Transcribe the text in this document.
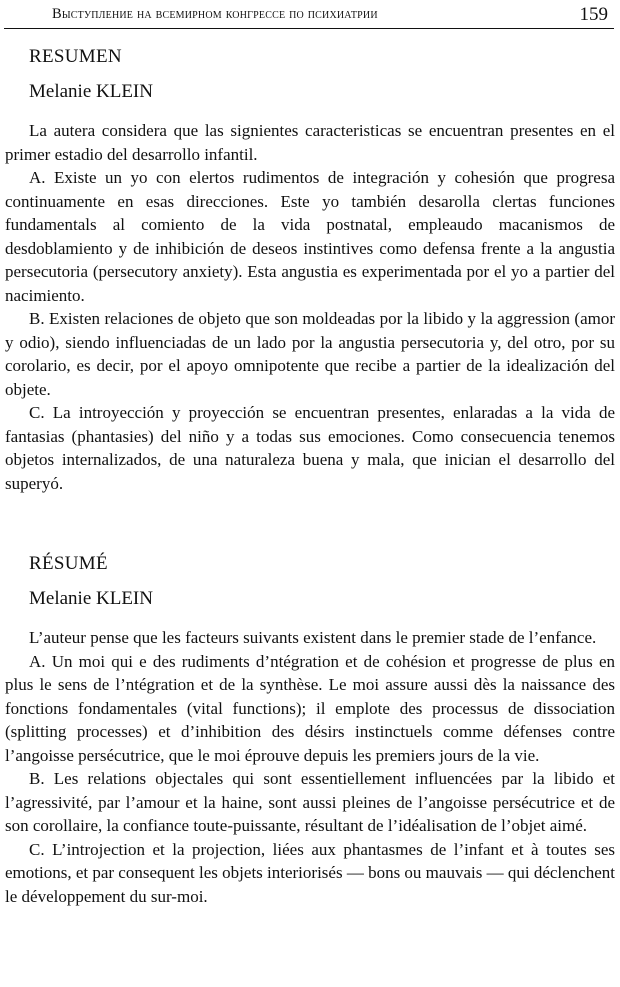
Выступление на всемирном конгрессе по психиатрии	159
RESUMEN
Melanie KLEIN

La autera considera que las signientes caracteristicas se encuentran presentes en el primer estadio del desarrollo infantil.

A. Existe un yo con elertos rudimentos de integración y cohesión que progresa continuamente en esas direcciones. Este yo también desarolla clertas funciones fundamentals al comiento de la vida postnatal, empleaudo macanismos de desdoblamiento y de inhibición de deseos instintives como defensa frente a la angustia persecutoria (persecutory anxiety). Esta angustia es experimentada por el yo a partier del nacimiento.

B. Existen relaciones de objeto que son moldeadas por la libido y la aggression (amor y odio), siendo influenciadas de un lado por la angustia persecutoria y, del otro, por su corolario, es decir, por el apoyo omnipotente que recibe a partier de la idealización del objete.

C. La introyección y proyección se encuentran presentes, enlaradas a la vida de fantasias (phantasies) del niño y a todas sus emociones. Como consecuencia tenemos objetos internalizados, de una naturaleza buena y mala, que inician el desarrollo del superyó.

RÉSUMÉ
Melanie KLEIN

L’auteur pense que les facteurs suivants existent dans le premier stade de l’enfance.

A. Un moi qui e des rudiments d’ntégration et de cohésion et progresse de plus en plus le sens de l’ntégration et de la synthèse. Le moi assure aussi dès la naissance des fonctions fondamentales (vital functions); il emplote des processus de dissociation (splitting processes) et d’inhibition des désirs instinctuels comme défenses contre l’angoisse persécutrice, que le moi éprouve depuis les premiers jours de la vie.

B. Les relations objectales qui sont essentiellement influencées par la libido et l’agressivité, par l’amour et la haine, sont aussi pleines de l’angoisse persécutrice et de son corollaire, la confiance toute-puissante, résultant de l’idéalisation de l’objet aimé.

C. L’introjection et la projection, liées aux phantasmes de l’infant et à toutes ses emotions, et par consequent les objets interiorisés — bons ou mauvais — qui déclenchent le développement du sur-moi.
